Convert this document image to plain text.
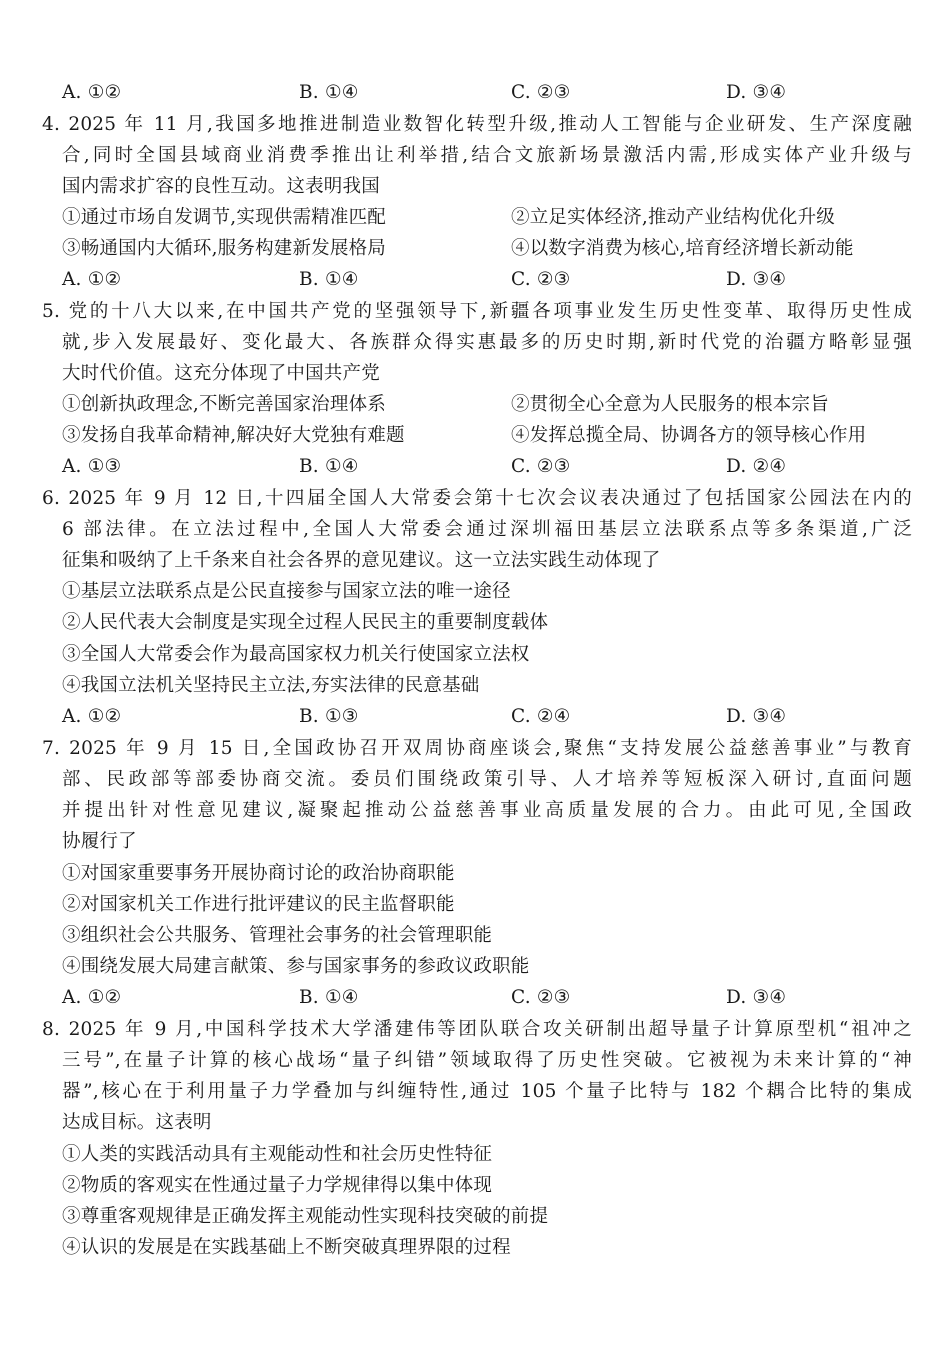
A. ①②	B. ①④	C. ②③	D. ③④
4. 2025 年 11 月,我国多地推进制造业数智化转型升级,推动人工智能与企业研发、生产深度融
合,同时全国县域商业消费季推出让利举措,结合文旅新场景激活内需,形成实体产业升级与
国内需求扩容的良性互动。这表明我国
①通过市场自发调节,实现供需精准匹配	②立足实体经济,推动产业结构优化升级
③畅通国内大循环,服务构建新发展格局	④以数字消费为核心,培育经济增长新动能
A. ①②	B. ①④	C. ②③	D. ③④
5. 党的十八大以来,在中国共产党的坚强领导下,新疆各项事业发生历史性变革、取得历史性成
就,步入发展最好、变化最大、各族群众得实惠最多的历史时期,新时代党的治疆方略彰显强
大时代价值。这充分体现了中国共产党
①创新执政理念,不断完善国家治理体系	②贯彻全心全意为人民服务的根本宗旨
③发扬自我革命精神,解决好大党独有难题	④发挥总揽全局、协调各方的领导核心作用
A. ①③	B. ①④	C. ②③	D. ②④
6. 2025 年 9 月 12 日,十四届全国人大常委会第十七次会议表决通过了包括国家公园法在内的
6 部法律。在立法过程中,全国人大常委会通过深圳福田基层立法联系点等多条渠道,广泛
征集和吸纳了上千条来自社会各界的意见建议。这一立法实践生动体现了
①基层立法联系点是公民直接参与国家立法的唯一途径
②人民代表大会制度是实现全过程人民民主的重要制度载体
③全国人大常委会作为最高国家权力机关行使国家立法权
④我国立法机关坚持民主立法,夯实法律的民意基础
A. ①②	B. ①③	C. ②④	D. ③④
7. 2025 年 9 月 15 日,全国政协召开双周协商座谈会,聚焦“支持发展公益慈善事业”与教育
部、民政部等部委协商交流。委员们围绕政策引导、人才培养等短板深入研讨,直面问题
并提出针对性意见建议,凝聚起推动公益慈善事业高质量发展的合力。由此可见,全国政
协履行了
①对国家重要事务开展协商讨论的政治协商职能
②对国家机关工作进行批评建议的民主监督职能
③组织社会公共服务、管理社会事务的社会管理职能
④围绕发展大局建言献策、参与国家事务的参政议政职能
A. ①②	B. ①④	C. ②③	D. ③④
8. 2025 年 9 月,中国科学技术大学潘建伟等团队联合攻关研制出超导量子计算原型机“祖冲之
三号”,在量子计算的核心战场“量子纠错”领域取得了历史性突破。它被视为未来计算的“神
器”,核心在于利用量子力学叠加与纠缠特性,通过 105 个量子比特与 182 个耦合比特的集成
达成目标。这表明
①人类的实践活动具有主观能动性和社会历史性特征
②物质的客观实在性通过量子力学规律得以集中体现
③尊重客观规律是正确发挥主观能动性实现科技突破的前提
④认识的发展是在实践基础上不断突破真理界限的过程
